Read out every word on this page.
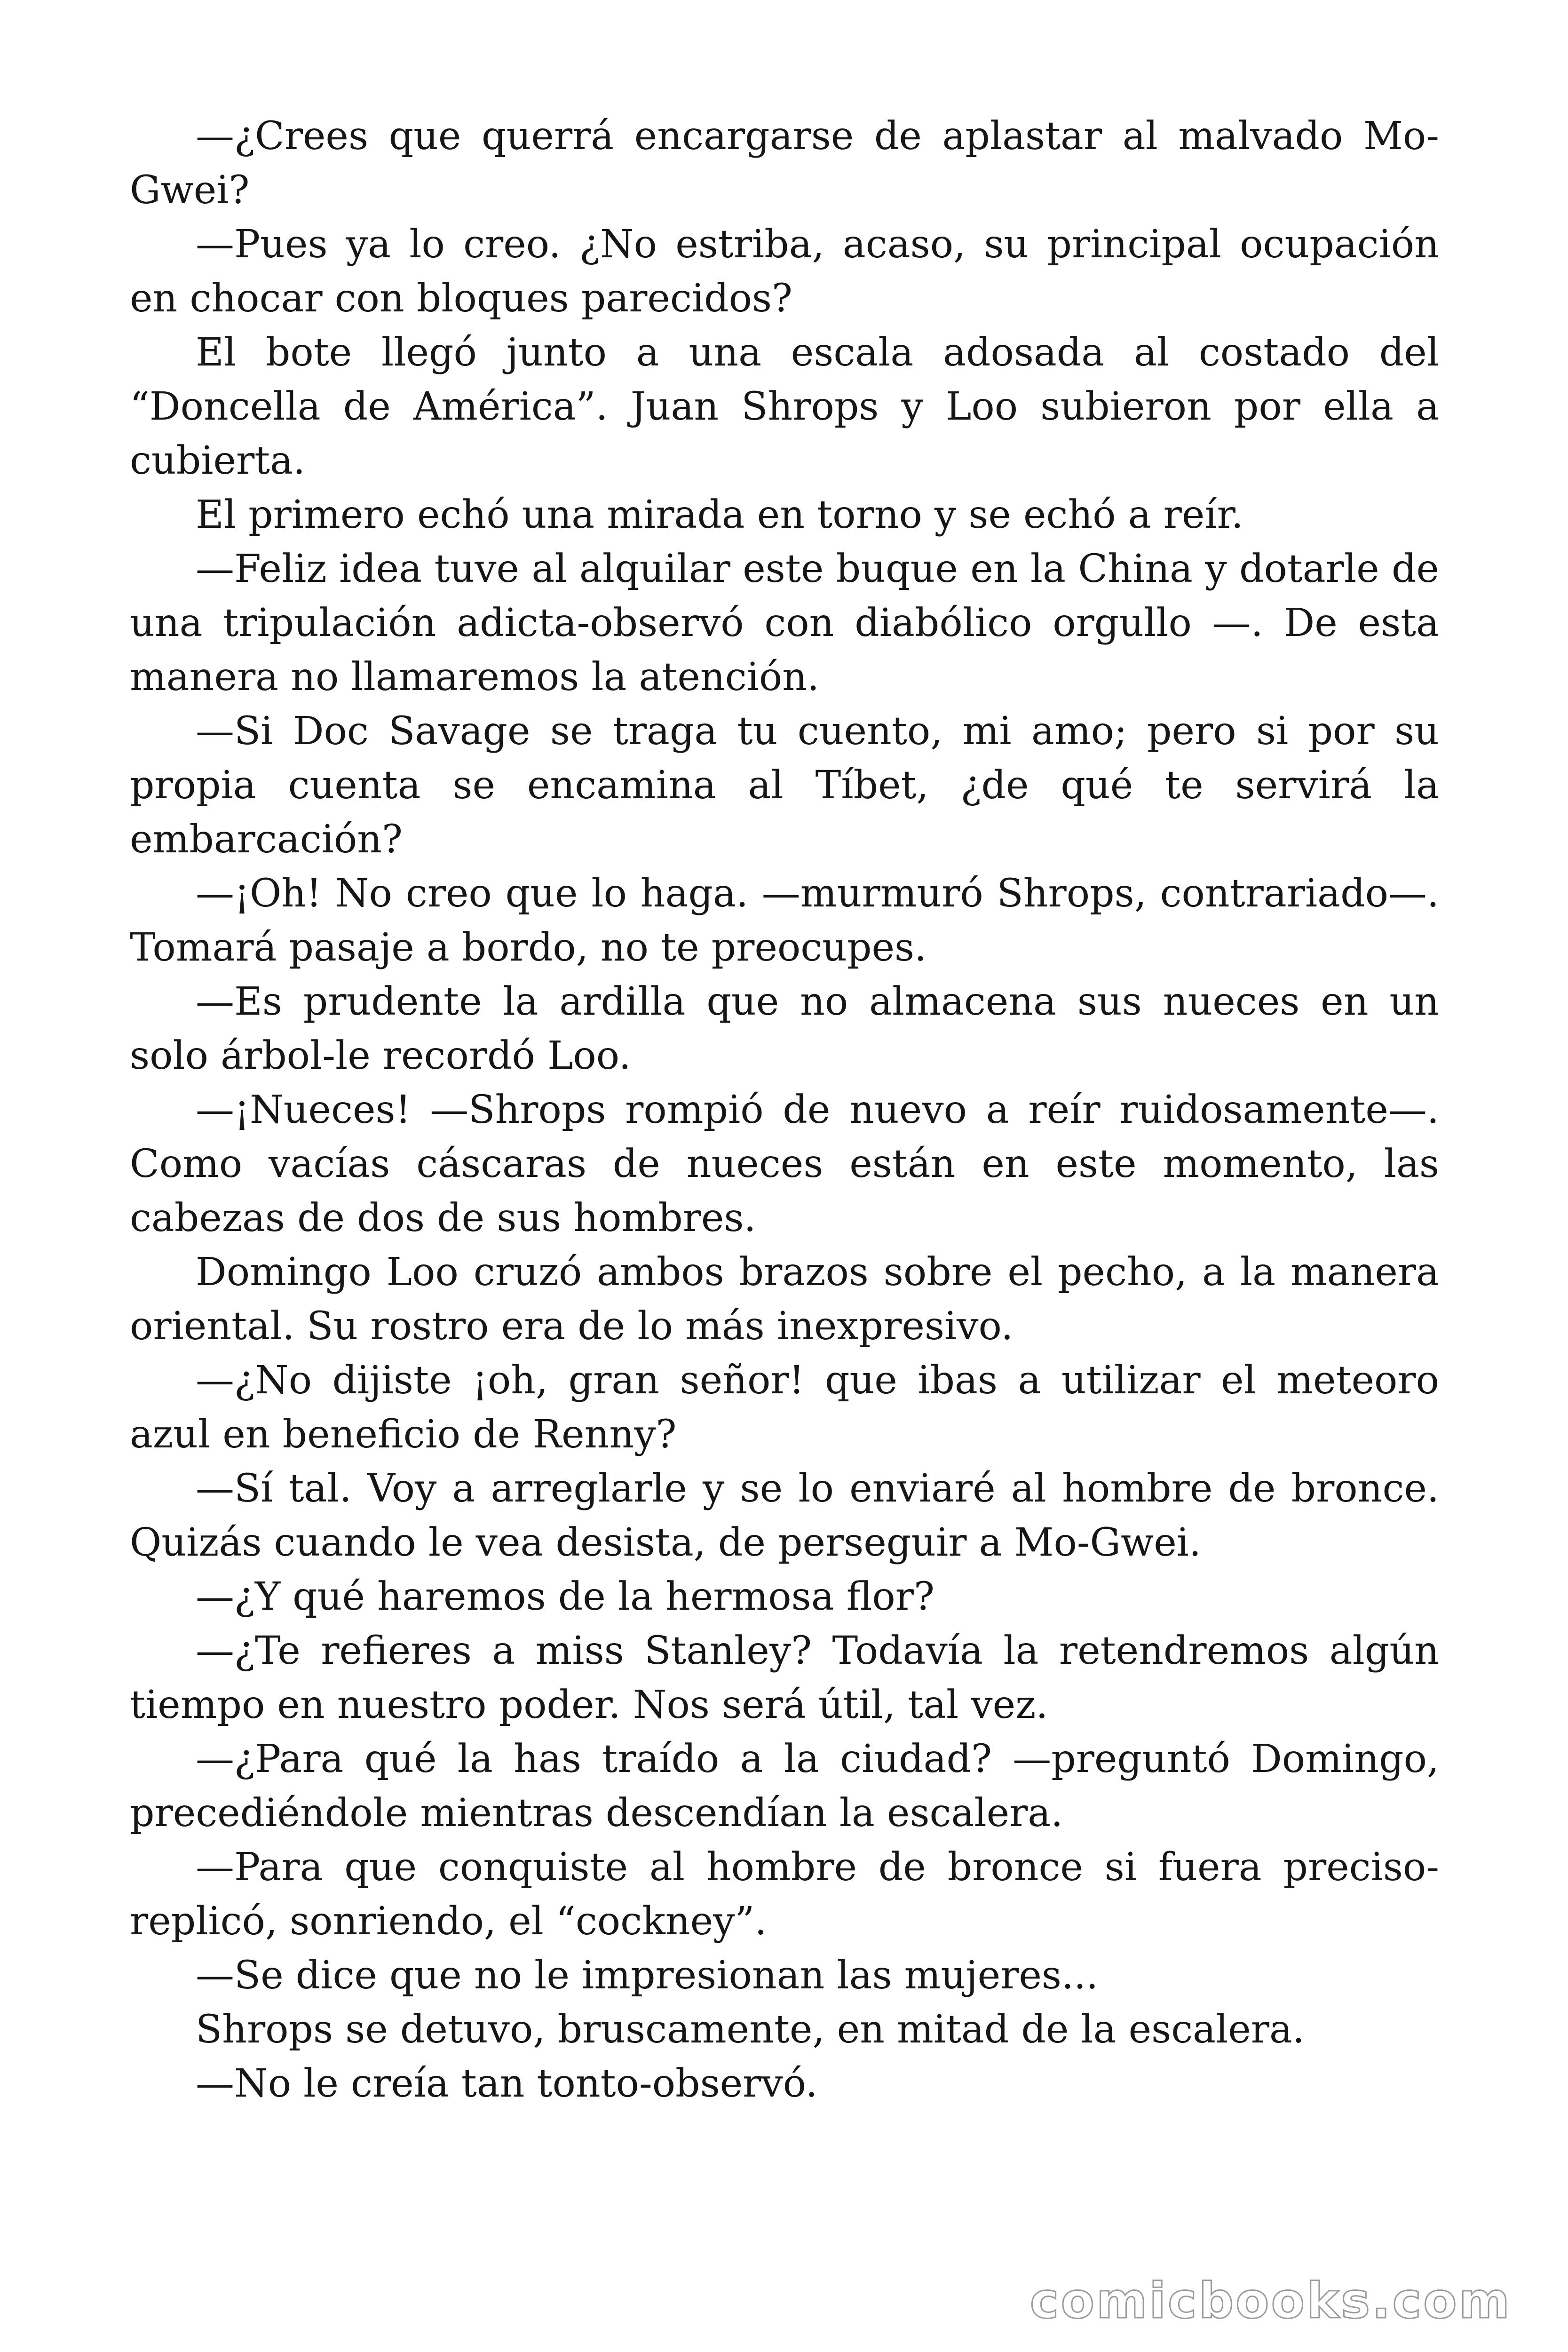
—¿Crees que querrá encargarse de aplastar al malvado Mo-Gwei?

—Pues ya lo creo. ¿No estriba, acaso, su principal ocupación en chocar con bloques parecidos?

El bote llegó junto a una escala adosada al costado del “Doncella de América”. Juan Shrops y Loo subieron por ella a cubierta.

El primero echó una mirada en torno y se echó a reír.

—Feliz idea tuve al alquilar este buque en la China y dotarle de una tripulación adicta-observó con diabólico orgullo —. De esta manera no llamaremos la atención.

—Si Doc Savage se traga tu cuento, mi amo; pero si por su propia cuenta se encamina al Tíbet, ¿de qué te servirá la embarcación?

—¡Oh! No creo que lo haga. —murmuró Shrops, contrariado—. Tomará pasaje a bordo, no te preocupes.

—Es prudente la ardilla que no almacena sus nueces en un solo árbol-le recordó Loo.

—¡Nueces! —Shrops rompió de nuevo a reír ruidosamente—. Como vacías cáscaras de nueces están en este momento, las cabezas de dos de sus hombres.

Domingo Loo cruzó ambos brazos sobre el pecho, a la manera oriental. Su rostro era de lo más inexpresivo.

—¿No dijiste ¡oh, gran señor! que ibas a utilizar el meteoro azul en beneficio de Renny?

—Sí tal. Voy a arreglarle y se lo enviaré al hombre de bronce. Quizás cuando le vea desista, de perseguir a Mo-Gwei.

—¿Y qué haremos de la hermosa flor?

—¿Te refieres a miss Stanley? Todavía la retendremos algún tiempo en nuestro poder. Nos será útil, tal vez.

—¿Para qué la has traído a la ciudad? —preguntó Domingo, precediéndole mientras descendían la escalera.

—Para que conquiste al hombre de bronce si fuera preciso-replicó, sonriendo, el “cockney”.

—Se dice que no le impresionan las mujeres...

Shrops se detuvo, bruscamente, en mitad de la escalera.

—No le creía tan tonto-observó.

comicbooks.com
